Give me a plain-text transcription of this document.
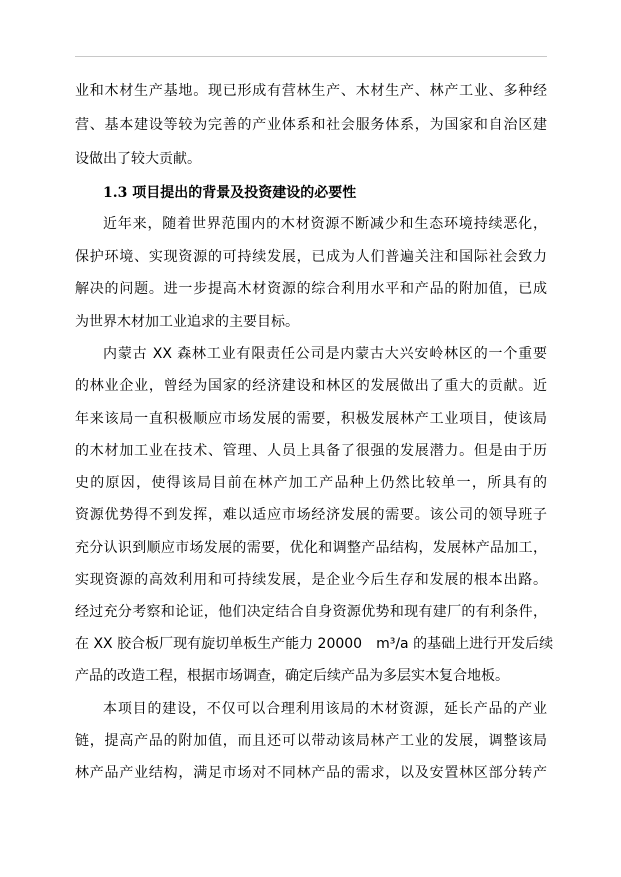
业和木材生产基地。现已形成有营林生产、木材生产、林产工业、多种经
营、基本建设等较为完善的产业体系和社会服务体系，为国家和自治区建
设做出了较大贡献。
1.3 项目提出的背景及投资建设的必要性
近年来，随着世界范围内的木材资源不断减少和生态环境持续恶化，
保护环境、实现资源的可持续发展，已成为人们普遍关注和国际社会致力
解决的问题。进一步提高木材资源的综合利用水平和产品的附加值，已成
为世界木材加工业追求的主要目标。
内蒙古 XX 森林工业有限责任公司是内蒙古大兴安岭林区的一个重要
的林业企业，曾经为国家的经济建设和林区的发展做出了重大的贡献。近
年来该局一直积极顺应市场发展的需要，积极发展林产工业项目，使该局
的木材加工业在技术、管理、人员上具备了很强的发展潜力。但是由于历
史的原因，使得该局目前在林产加工产品种上仍然比较单一，所具有的
资源优势得不到发挥，难以适应市场经济发展的需要。该公司的领导班子
充分认识到顺应市场发展的需要，优化和调整产品结构，发展林产品加工，
实现资源的高效利用和可持续发展，是企业今后生存和发展的根本出路。
经过充分考察和论证，他们决定结合自身资源优势和现有建厂的有利条件，
在 XX 胶合板厂现有旋切单板生产能力 20000　m³/a 的基础上进行开发后续
产品的改造工程，根据市场调查，确定后续产品为多层实木复合地板。
本项目的建设，不仅可以合理利用该局的木材资源，延长产品的产业
链，提高产品的附加值，而且还可以带动该局林产工业的发展，调整该局
林产品产业结构，满足市场对不同林产品的需求，以及安置林区部分转产
